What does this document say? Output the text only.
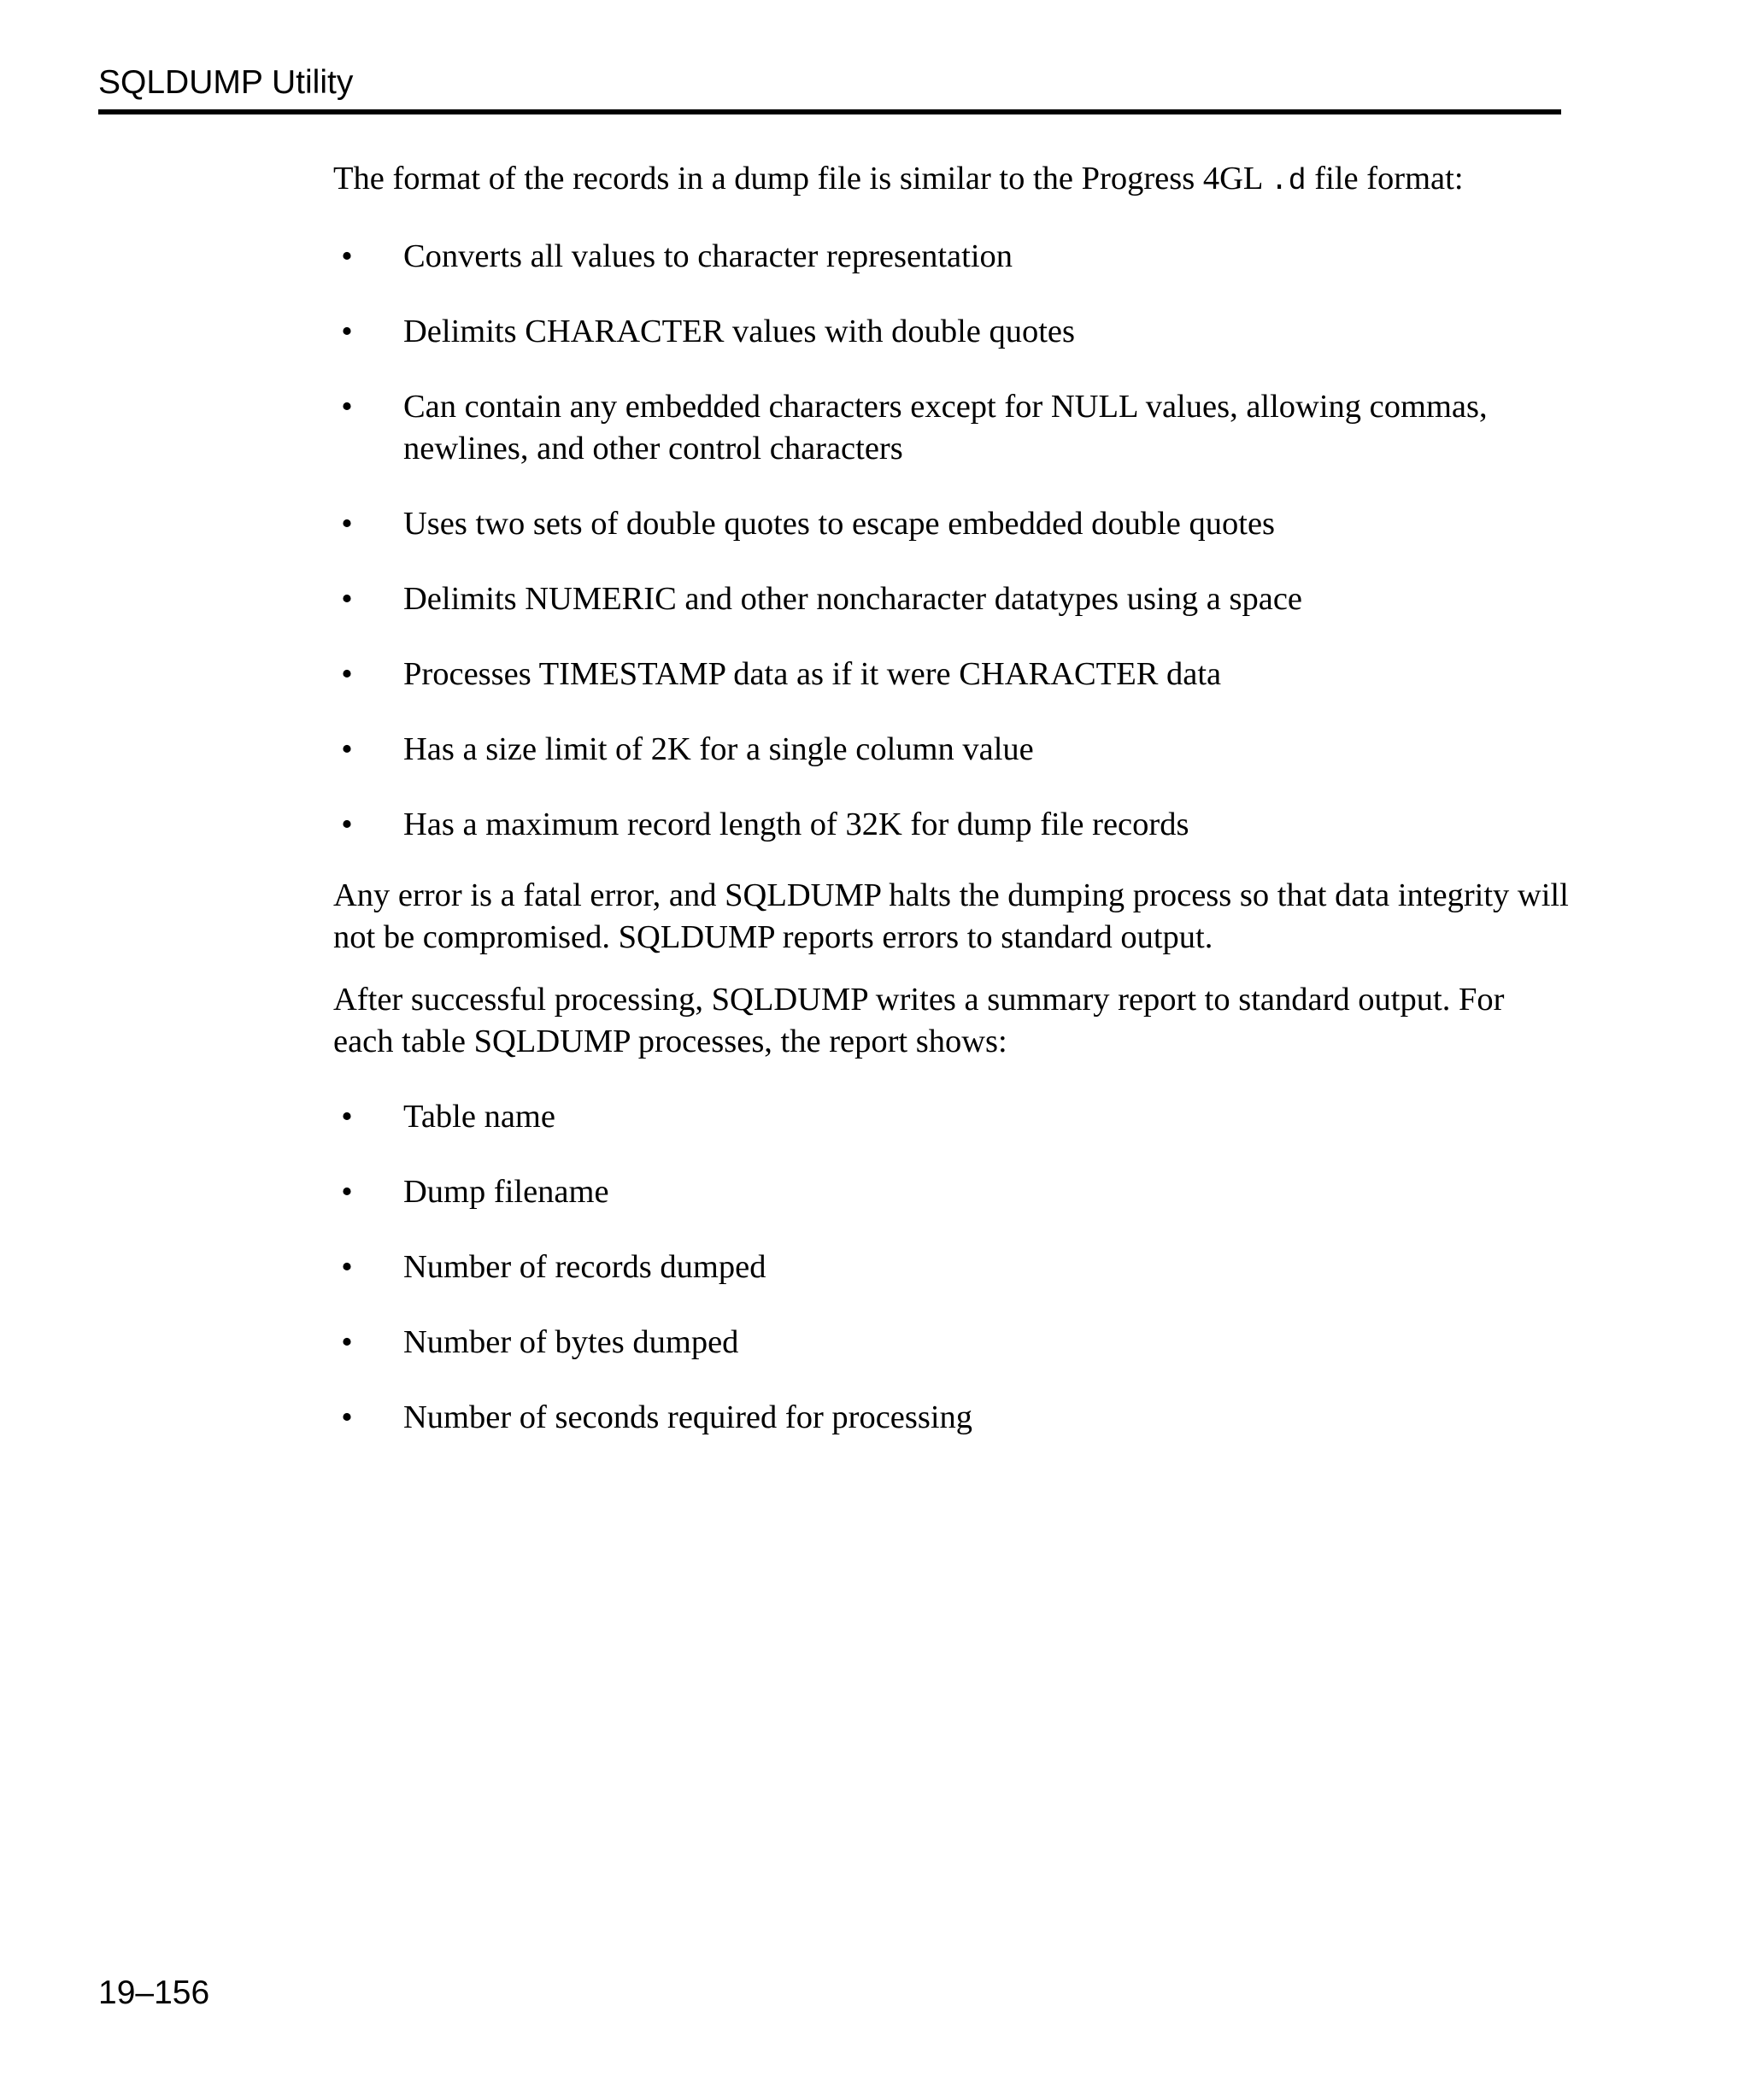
SQLDUMP Utility

The format of the records in a dump file is similar to the Progress 4GL .d file format:

• Converts all values to character representation
• Delimits CHARACTER values with double quotes
• Can contain any embedded characters except for NULL values, allowing commas, newlines, and other control characters
• Uses two sets of double quotes to escape embedded double quotes
• Delimits NUMERIC and other noncharacter datatypes using a space
• Processes TIMESTAMP data as if it were CHARACTER data
• Has a size limit of 2K for a single column value
• Has a maximum record length of 32K for dump file records

Any error is a fatal error, and SQLDUMP halts the dumping process so that data integrity will not be compromised. SQLDUMP reports errors to standard output.

After successful processing, SQLDUMP writes a summary report to standard output. For each table SQLDUMP processes, the report shows:

• Table name
• Dump filename
• Number of records dumped
• Number of bytes dumped
• Number of seconds required for processing
19–156
